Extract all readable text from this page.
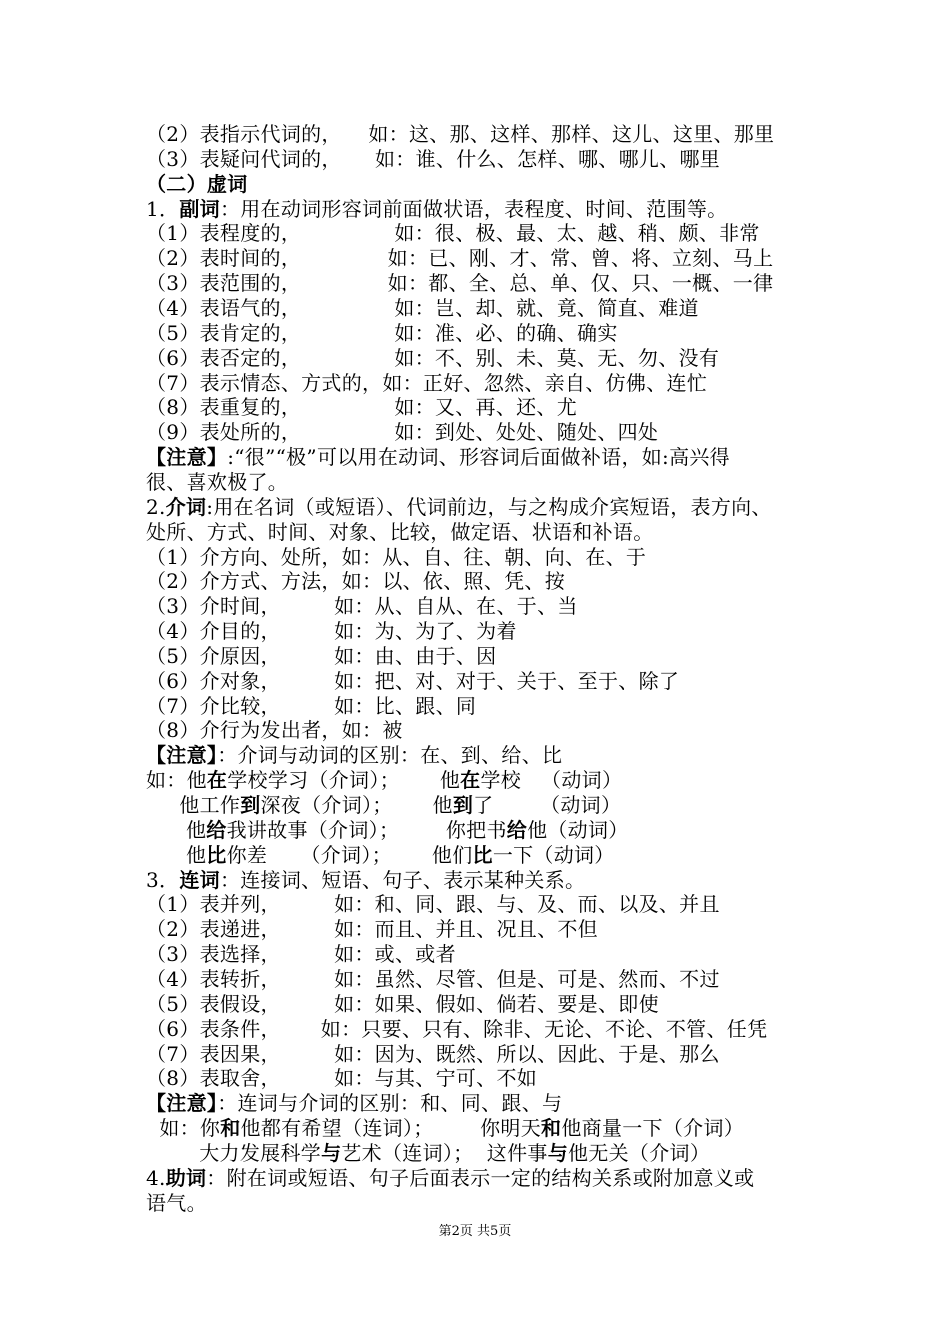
（2）表指示代词的，    如：这、那、这样、那样、这儿、这里、那里
（3）表疑问代词的，     如：谁、什么、怎样、哪、哪儿、哪里
（二）虚词
1．副词：用在动词形容词前面做状语，表程度、时间、范围等。
（1）表程度的，              如：很、极、最、太、越、稍、颇、非常
（2）表时间的，             如：已、刚、才、常、曾、将、立刻、马上
（3）表范围的，             如：都、全、总、单、仅、只、一概、一律
（4）表语气的，              如：岂、却、就、竟、简直、难道
（5）表肯定的，              如：准、必、的确、确实
（6）表否定的，              如：不、别、未、莫、无、勿、没有
（7）表示情态、方式的，如：正好、忽然、亲自、仿佛、连忙
（8）表重复的，              如：又、再、还、尤
（9）表处所的，              如：到处、处处、随处、四处
【注意】:“很”“极”可以用在动词、形容词后面做补语，如:高兴得
很、喜欢极了。
2.介词:用在名词（或短语）、代词前边，与之构成介宾短语，表方向、
处所、方式、时间、对象、比较，做定语、状语和补语。
（1）介方向、处所，如：从、自、往、朝、向、在、于
（2）介方式、方法，如：以、依、照、凭、按
（3）介时间，        如：从、自从、在、于、当
（4）介目的，        如：为、为了、为着
（5）介原因，        如：由、由于、因
（6）介对象，        如：把、对、对于、关于、至于、除了
（7）介比较，        如：比、跟、同
（8）介行为发出者，如：被
【注意】：介词与动词的区别：在、到、给、比
如：他在学校学习（介词）；      他在学校   （动词）
他工作到深夜（介词）；      他到了       （动词）
他给我讲故事（介词）；       你把书给他（动词）
他比你差     （介词）；      他们比一下（动词）
3．连词：连接词、短语、句子、表示某种关系。
（1）表并列，        如：和、同、跟、与、及、而、以及、并且
（2）表递进，        如：而且、并且、况且、不但
（3）表选择，        如：或、或者
（4）表转折，        如：虽然、尽管、但是、可是、然而、不过
（5）表假设，        如：如果、假如、倘若、要是、即使
（6）表条件，      如：只要、只有、除非、无论、不论、不管、任凭
（7）表因果，        如：因为、既然、所以、因此、于是、那么
（8）表取舍，        如：与其、宁可、不如
【注意】：连词与介词的区别：和、同、跟、与
如：你和他都有希望（连词）；       你明天和他商量一下（介词）
大力发展科学与艺术（连词）；  这件事与他无关（介词）
4.助词：附在词或短语、句子后面表示一定的结构关系或附加意义或
语气。
第2页 共5页
